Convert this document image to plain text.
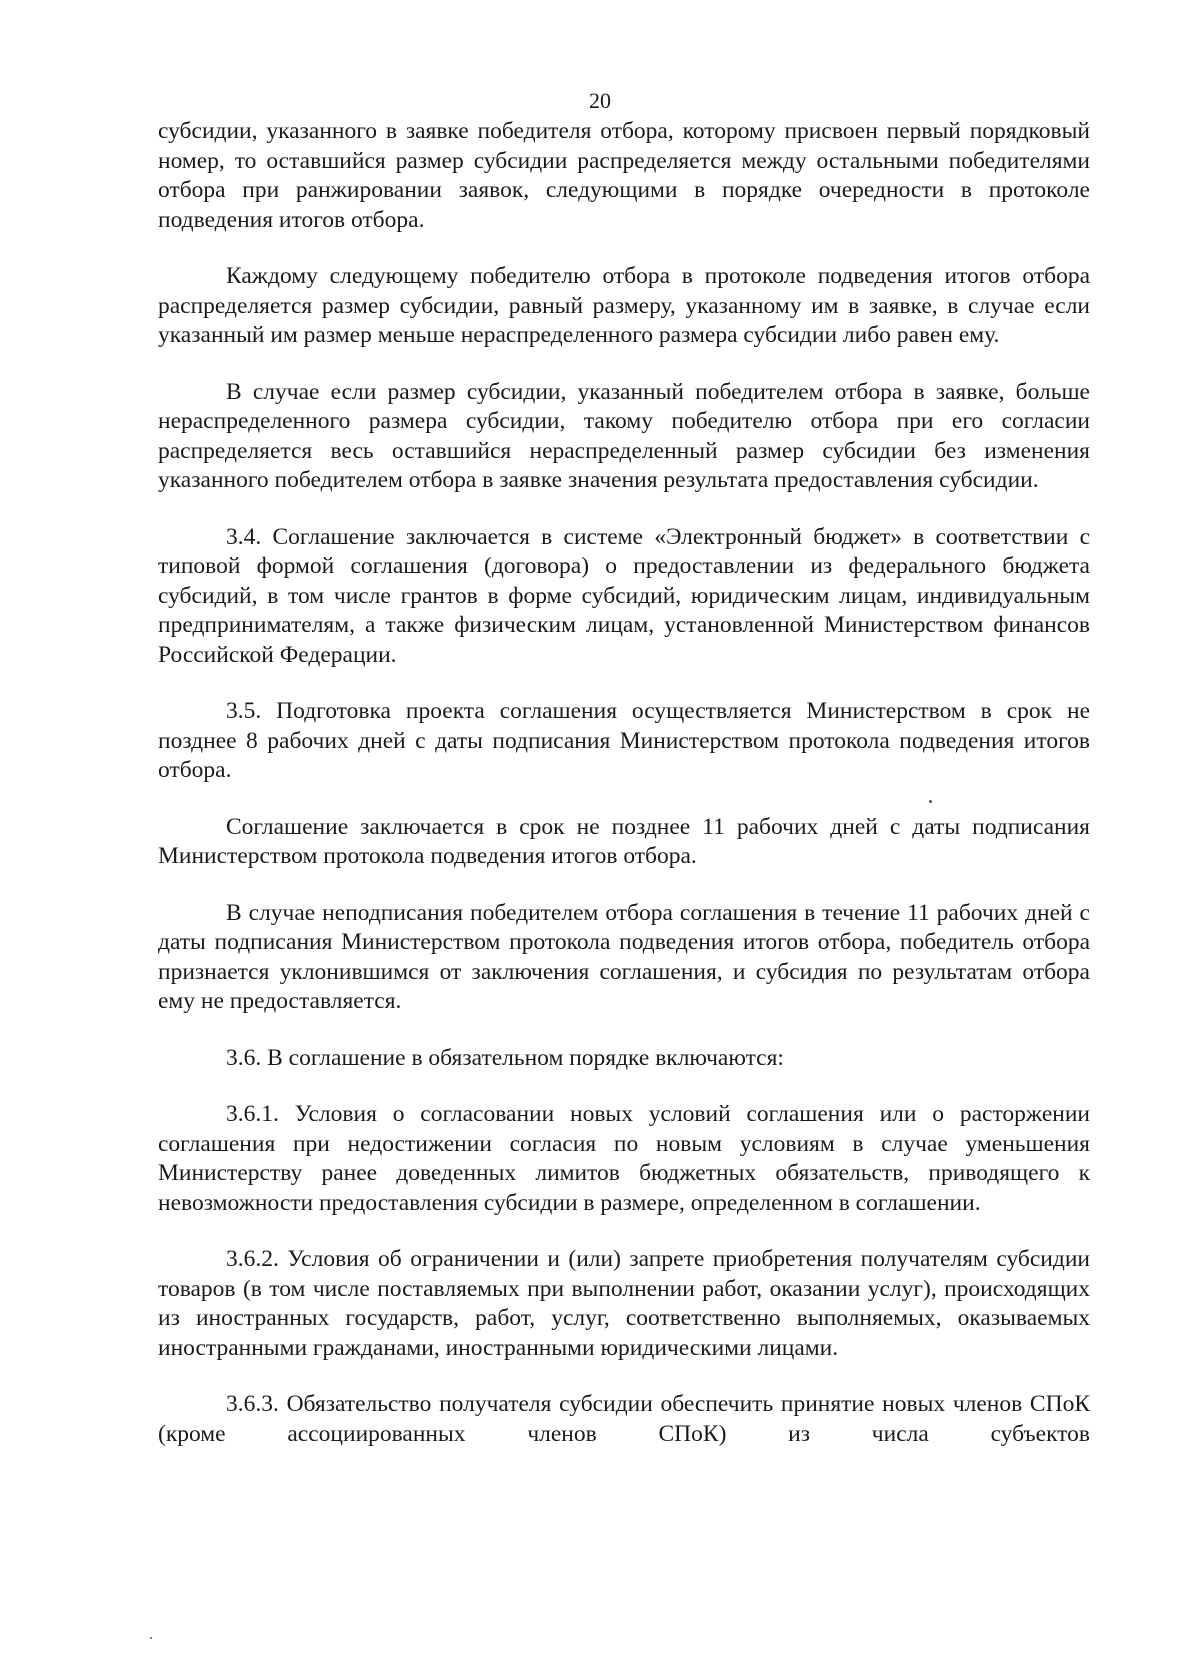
20

субсидии, указанного в заявке победителя отбора, которому присвоен первый порядковый номер, то оставшийся размер субсидии распределяется между остальными победителями отбора при ранжировании заявок, следующими в порядке очередности в протоколе подведения итогов отбора.

Каждому следующему победителю отбора в протоколе подведения итогов отбора распределяется размер субсидии, равный размеру, указанному им в заявке, в случае если указанный им размер меньше нераспределенного размера субсидии либо равен ему.

В случае если размер субсидии, указанный победителем отбора в заявке, больше нераспределенного размера субсидии, такому победителю отбора при его согласии распределяется весь оставшийся нераспределенный размер субсидии без изменения указанного победителем отбора в заявке значения результата предоставления субсидии.

3.4. Соглашение заключается в системе «Электронный бюджет» в соответствии с типовой формой соглашения (договора) о предоставлении из федерального бюджета субсидий, в том числе грантов в форме субсидий, юридическим лицам, индивидуальным предпринимателям, а также физическим лицам, установленной Министерством финансов Российской Федерации.

3.5. Подготовка проекта соглашения осуществляется Министерством в срок не позднее 8 рабочих дней с даты подписания Министерством протокола подведения итогов отбора.

Соглашение заключается в срок не позднее 11 рабочих дней с даты подписания Министерством протокола подведения итогов отбора.

В случае неподписания победителем отбора соглашения в течение 11 рабочих дней с даты подписания Министерством протокола подведения итогов отбора, победитель отбора признается уклонившимся от заключения соглашения, и субсидия по результатам отбора ему не предоставляется.

3.6. В соглашение в обязательном порядке включаются:

3.6.1. Условия о согласовании новых условий соглашения или о расторжении соглашения при недостижении согласия по новым условиям в случае уменьшения Министерству ранее доведенных лимитов бюджетных обязательств, приводящего к невозможности предоставления субсидии в размере, определенном в соглашении.

3.6.2. Условия об ограничении и (или) запрете приобретения получателям субсидии товаров (в том числе поставляемых при выполнении работ, оказании услуг), происходящих из иностранных государств, работ, услуг, соответственно выполняемых, оказываемых иностранными гражданами, иностранными юридическими лицами.

3.6.3. Обязательство получателя субсидии обеспечить принятие новых членов СПоК (кроме ассоциированных членов СПоК) из числа субъектов
